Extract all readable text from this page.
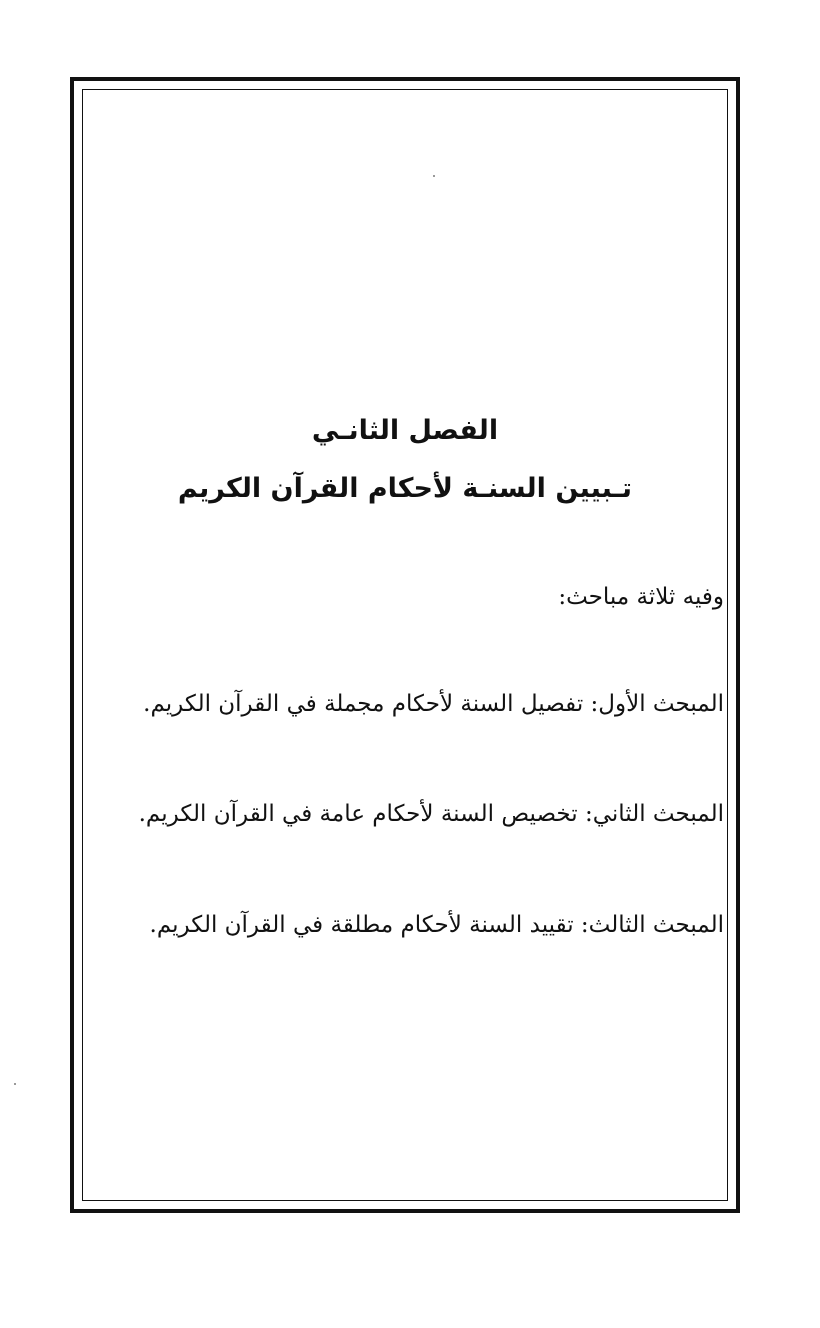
الفصل الثانـي
تـبيين السنـة لأحكام القرآن الكريم
وفيه ثلاثة مباحث:
المبحث الأول: تفصيل السنة لأحكام مجملة في القرآن الكريم.
المبحث الثاني: تخصيص السنة لأحكام عامة في القرآن الكريم.
المبحث الثالث: تقييد السنة لأحكام مطلقة في القرآن الكريم.
